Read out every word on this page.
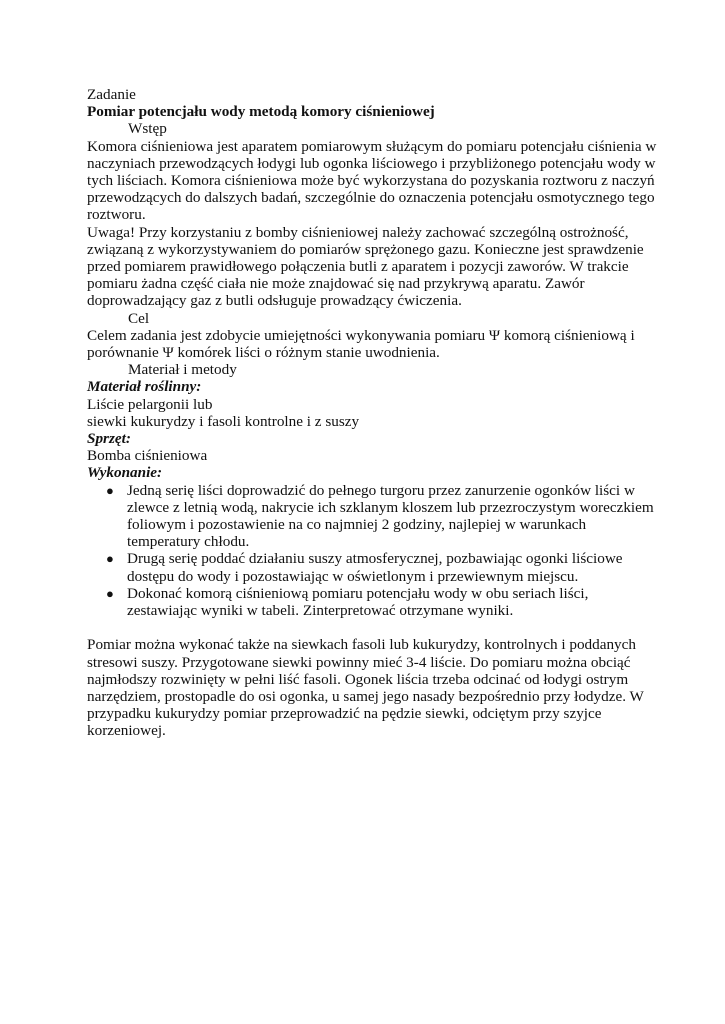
Zadanie
Pomiar potencjału wody metodą komory ciśnieniowej
Wstęp
Komora ciśnieniowa jest aparatem pomiarowym służącym do pomiaru potencjału ciśnienia w
naczyniach przewodzących łodygi lub ogonka liściowego i przybliżonego potencjału wody w
tych liściach. Komora ciśnieniowa może być wykorzystana do pozyskania roztworu z naczyń
przewodzących do dalszych badań, szczególnie do oznaczenia potencjału osmotycznego tego
roztworu.
Uwaga! Przy korzystaniu z bomby ciśnieniowej należy zachować szczególną ostrożność,
związaną z wykorzystywaniem do pomiarów sprężonego gazu. Konieczne jest sprawdzenie
przed pomiarem prawidłowego połączenia butli z aparatem i pozycji zaworów. W trakcie
pomiaru żadna część ciała nie może znajdować się nad przykrywą aparatu. Zawór
doprowadzający gaz z butli odsługuje prowadzący ćwiczenia.
Cel
Celem zadania jest zdobycie umiejętności wykonywania pomiaru Ψ komorą ciśnieniową i
porównanie Ψ komórek liści o różnym stanie uwodnienia.
Materiał i metody
Materiał roślinny:
Liście pelargonii lub
siewki kukurydzy i fasoli kontrolne i z suszy
Sprzęt:
Bomba ciśnieniowa
Wykonanie:
● Jedną serię liści doprowadzić do pełnego turgoru przez zanurzenie ogonków liści w
zlewce z letnią wodą, nakrycie ich szklanym kloszem lub przezroczystym woreczkiem
foliowym i pozostawienie na co najmniej 2 godziny, najlepiej w warunkach
temperatury chłodu.
● Drugą serię poddać działaniu suszy atmosferycznej, pozbawiając ogonki liściowe
dostępu do wody i pozostawiając w oświetlonym i przewiewnym miejscu.
● Dokonać komorą ciśnieniową pomiaru potencjału wody w obu seriach liści,
zestawiając wyniki w tabeli. Zinterpretować otrzymane wyniki.
Pomiar można wykonać także na siewkach fasoli lub kukurydzy, kontrolnych i poddanych
stresowi suszy. Przygotowane siewki powinny mieć 3-4 liście. Do pomiaru można obciąć
najmłodszy rozwinięty w pełni liść fasoli. Ogonek liścia trzeba odcinać od łodygi ostrym
narzędziem, prostopadle do osi ogonka, u samej jego nasady bezpośrednio przy łodydze. W
przypadku kukurydzy pomiar przeprowadzić na pędzie siewki, odciętym przy szyjce
korzeniowej.
